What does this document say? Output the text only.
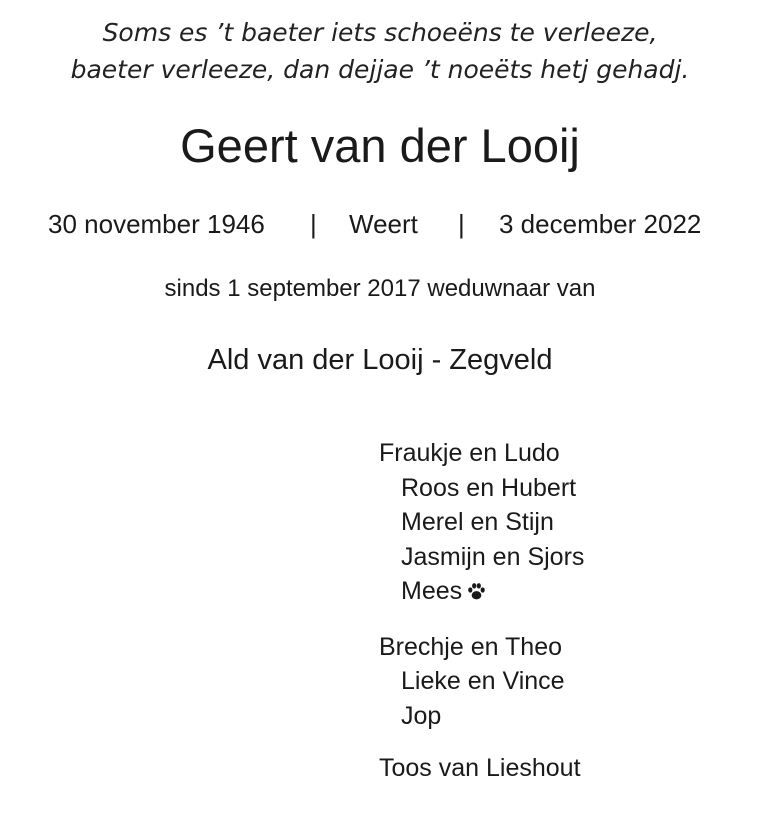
Soms es ’t baeter iets schoeëns te verleeze,
baeter verleeze, dan dejjae ’t noeëts hetj gehadj.
Geert van der Looij
30 november 1946 | Weert | 3 december 2022
sinds 1 september 2017 weduwnaar van
Ald van der Looij - Zegveld
Fraukje en Ludo
Roos en Hubert
Merel en Stijn
Jasmijn en Sjors
Mees
Brechje en Theo
Lieke en Vince
Jop
Toos van Lieshout
